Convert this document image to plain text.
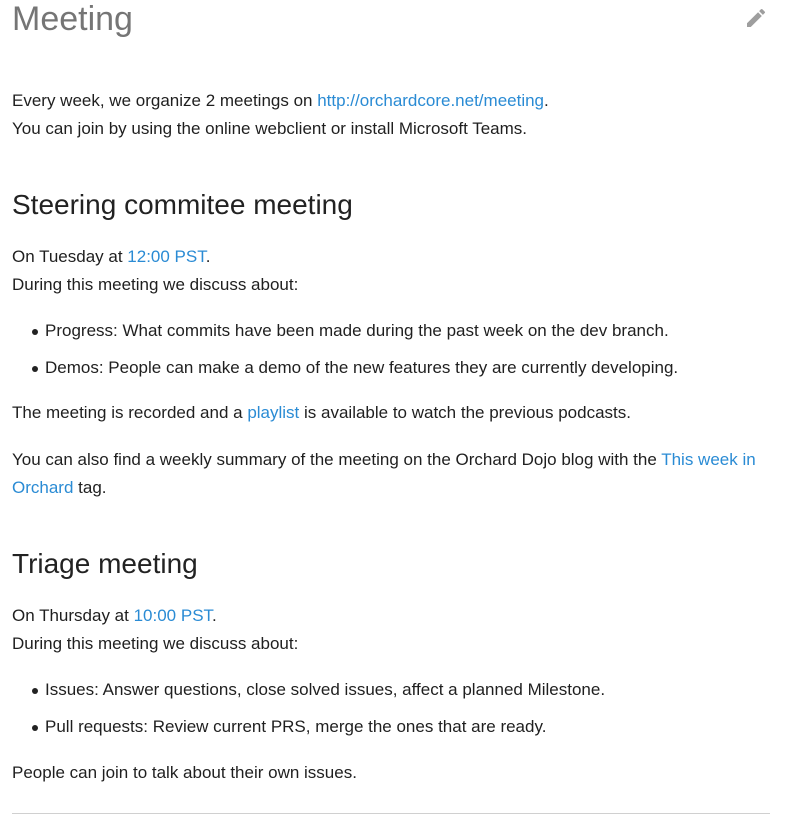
Meeting

Every week, we organize 2 meetings on http://orchardcore.net/meeting.

You can join by using the online webclient or install Microsoft Teams.

Steering commitee meeting

On Tuesday at 12:00 PST.

During this meeting we discuss about:

Progress: What commits have been made during the past week on the dev branch.
Demos: People can make a demo of the new features they are currently developing.

The meeting is recorded and a playlist is available to watch the previous podcasts.

You can also find a weekly summary of the meeting on the Orchard Dojo blog with the This week in Orchard tag.

Triage meeting

On Thursday at 10:00 PST.

During this meeting we discuss about:

Issues: Answer questions, close solved issues, affect a planned Milestone.
Pull requests: Review current PRS, merge the ones that are ready.

People can join to talk about their own issues.
